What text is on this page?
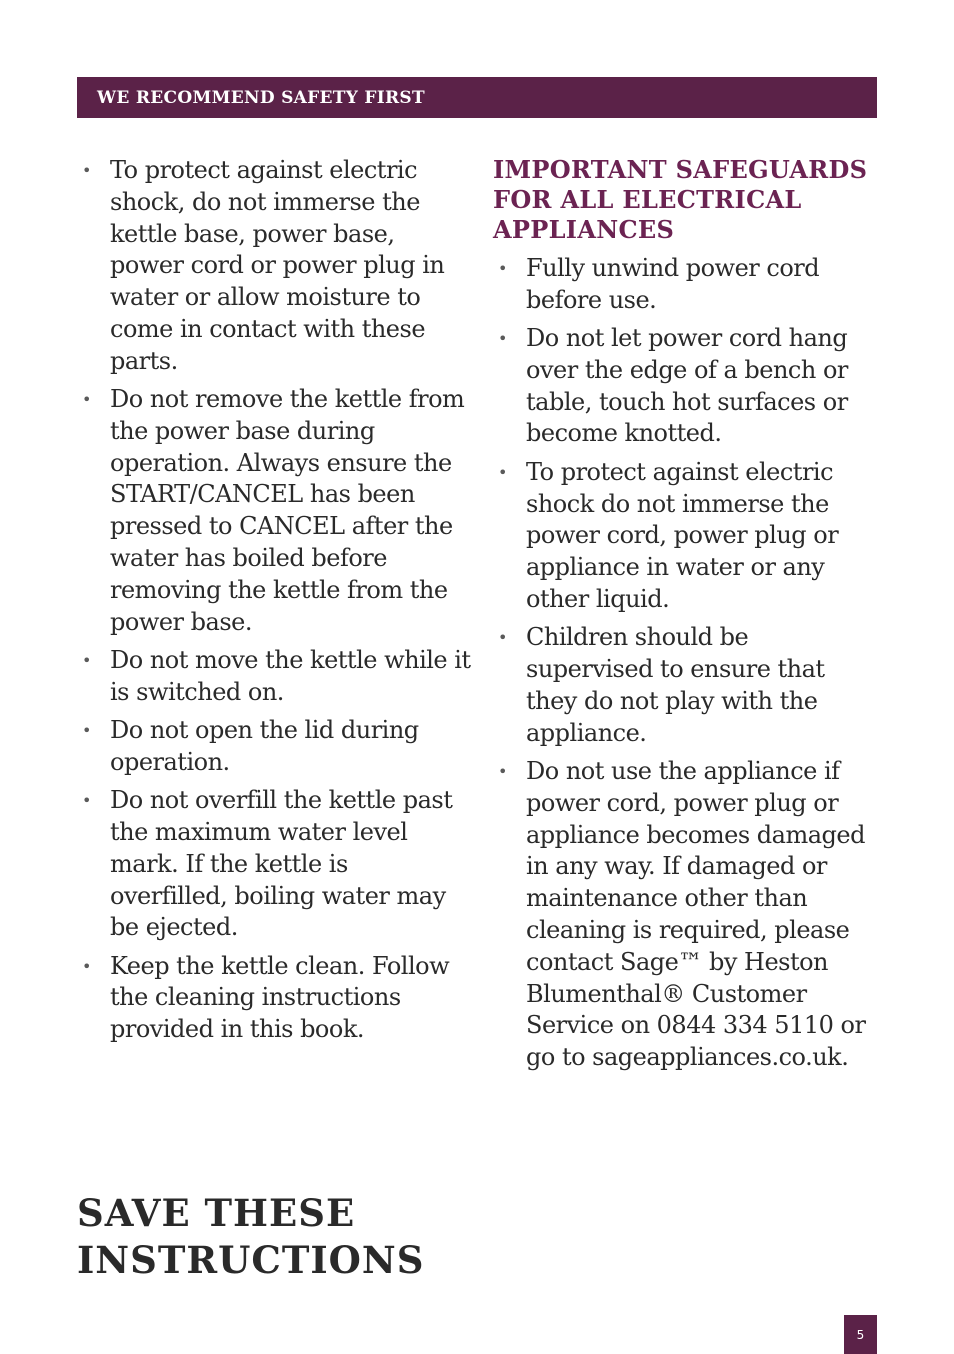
WE RECOMMEND SAFETY FIRST
• To protect against electric shock, do not immerse the kettle base, power base, power cord or power plug in water or allow moisture to come in contact with these parts.
• Do not remove the kettle from the power base during operation. Always ensure the START/CANCEL has been pressed to CANCEL after the water has boiled before removing the kettle from the power base.
• Do not move the kettle while it is switched on.
• Do not open the lid during operation.
• Do not overfill the kettle past the maximum water level mark. If the kettle is overfilled, boiling water may be ejected.
• Keep the kettle clean. Follow the cleaning instructions provided in this book.
IMPORTANT SAFEGUARDS FOR ALL ELECTRICAL APPLIANCES
• Fully unwind power cord before use.
• Do not let power cord hang over the edge of a bench or table, touch hot surfaces or become knotted.
• To protect against electric shock do not immerse the power cord, power plug or appliance in water or any other liquid.
• Children should be supervised to ensure that they do not play with the appliance.
• Do not use the appliance if power cord, power plug or appliance becomes damaged in any way. If damaged or maintenance other than cleaning is required, please contact Sage™ by Heston Blumenthal® Customer Service on 0844 334 5110 or go to sageappliances.co.uk.
SAVE THESE
INSTRUCTIONS
5
